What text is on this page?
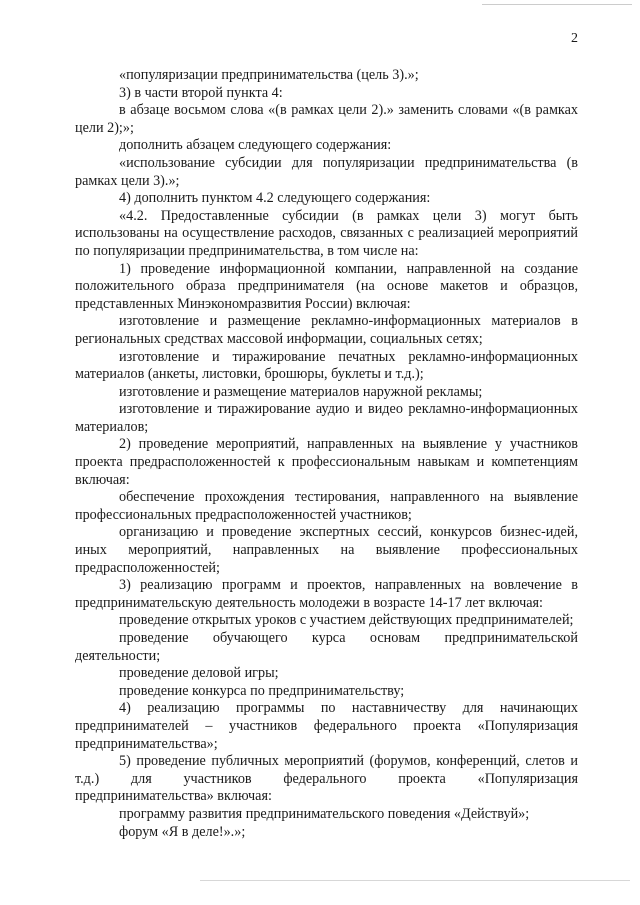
2

«популяризации предпринимательства (цель 3).»;

3) в части второй пункта 4:

в абзаце восьмом слова «(в рамках цели 2).» заменить словами «(в рамках цели 2);»;

дополнить абзацем следующего содержания:

«использование субсидии для популяризации предпринимательства (в рамках цели 3).»;

4) дополнить пунктом 4.2 следующего содержания:

«4.2. Предоставленные субсидии (в рамках цели 3) могут быть использованы на осуществление расходов, связанных с реализацией мероприятий по популяризации предпринимательства, в том числе на:

1) проведение информационной компании, направленной на создание положительного образа предпринимателя (на основе макетов и образцов, представленных Минэкономразвития России) включая:

изготовление и размещение рекламно-информационных материалов в региональных средствах массовой информации, социальных сетях;

изготовление и тиражирование печатных рекламно-информационных материалов (анкеты, листовки, брошюры, буклеты и т.д.);

изготовление и размещение материалов наружной рекламы;

изготовление и тиражирование аудио и видео рекламно-информационных материалов;

2) проведение мероприятий, направленных на выявление у участников проекта предрасположенностей к профессиональным навыкам и компетенциям включая:

обеспечение прохождения тестирования, направленного на выявление профессиональных предрасположенностей участников;

организацию и проведение экспертных сессий, конкурсов бизнес-идей, иных мероприятий, направленных на выявление профессиональных предрасположенностей;

3) реализацию программ и проектов, направленных на вовлечение в предпринимательскую деятельность молодежи в возрасте 14-17 лет включая:

проведение открытых уроков с участием действующих предпринимателей;

проведение обучающего курса основам предпринимательской деятельности;

проведение деловой игры;

проведение конкурса по предпринимательству;

4) реализацию программы по наставничеству для начинающих предпринимателей – участников федерального проекта «Популяризация предпринимательства»;

5) проведение публичных мероприятий (форумов, конференций, слетов и т.д.) для участников федерального проекта «Популяризация предпринимательства» включая:

программу развития предпринимательского поведения «Действуй»;

форум «Я в деле!».»;
